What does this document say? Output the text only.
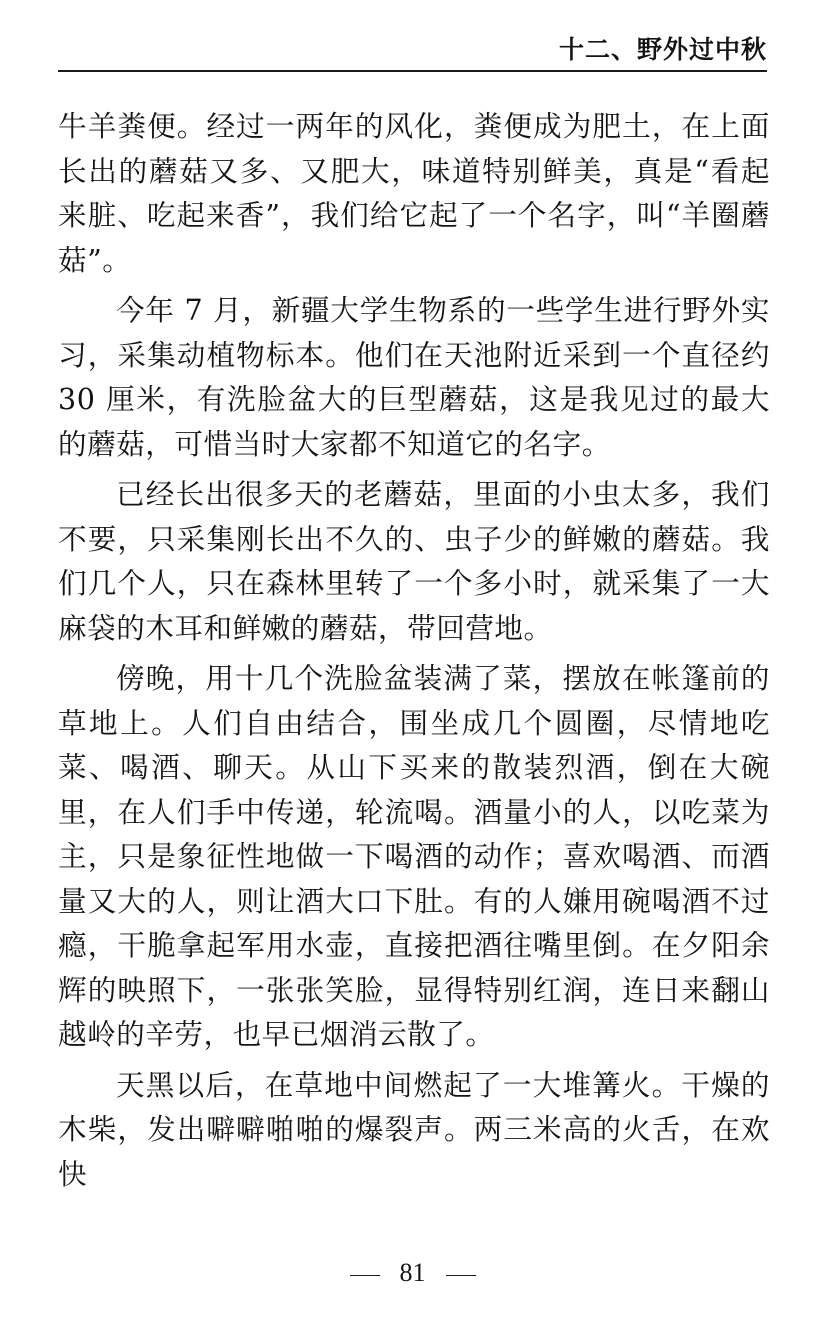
十二、野外过中秋

牛羊粪便。经过一两年的风化，粪便成为肥土，在上面长出的蘑菇又多、又肥大，味道特别鲜美，真是“看起来脏、吃起来香”，我们给它起了一个名字，叫“羊圈蘑菇”。

今年 7 月，新疆大学生物系的一些学生进行野外实习，采集动植物标本。他们在天池附近采到一个直径约30 厘米，有洗脸盆大的巨型蘑菇，这是我见过的最大的蘑菇，可惜当时大家都不知道它的名字。

已经长出很多天的老蘑菇，里面的小虫太多，我们不要，只采集刚长出不久的、虫子少的鲜嫩的蘑菇。我们几个人，只在森林里转了一个多小时，就采集了一大麻袋的木耳和鲜嫩的蘑菇，带回营地。

傍晚，用十几个洗脸盆装满了菜，摆放在帐篷前的草地上。人们自由结合，围坐成几个圆圈，尽情地吃菜、喝酒、聊天。从山下买来的散装烈酒，倒在大碗里，在人们手中传递，轮流喝。酒量小的人，以吃菜为主，只是象征性地做一下喝酒的动作；喜欢喝酒、而酒量又大的人，则让酒大口下肚。有的人嫌用碗喝酒不过瘾，干脆拿起军用水壶，直接把酒往嘴里倒。在夕阳余辉的映照下，一张张笑脸，显得特别红润，连日来翻山越岭的辛劳，也早已烟消云散了。

天黑以后，在草地中间燃起了一大堆篝火。干燥的木柴，发出噼噼啪啪的爆裂声。两三米高的火舌，在欢快

81
